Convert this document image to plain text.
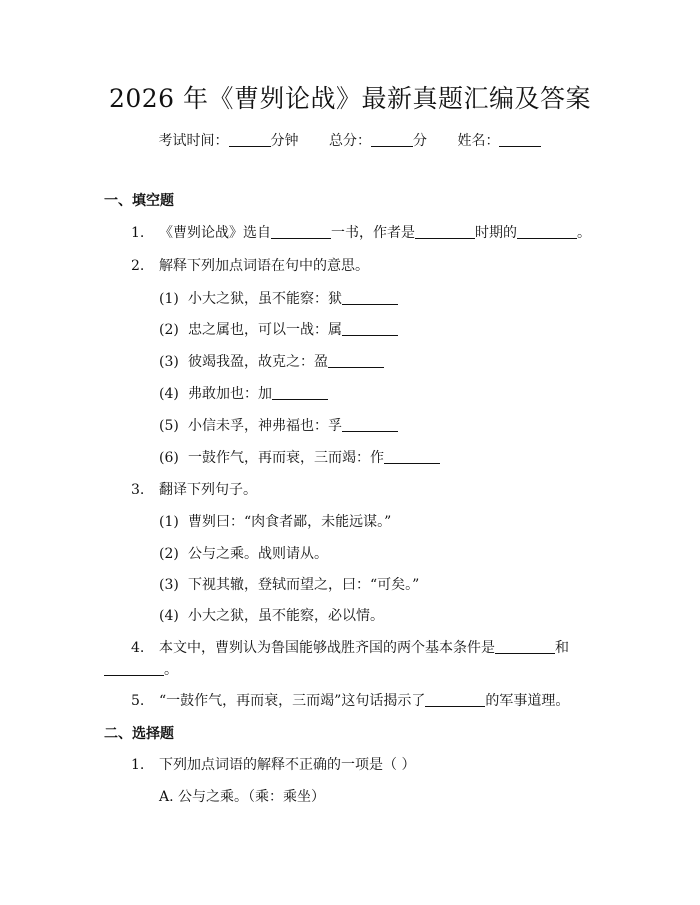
2026 年《曹刿论战》最新真题汇编及答案
考试时间：	分钟 总分：	分 姓名：
一、填空题
1. 《曹刿论战》选自	一书，作者是	时期的	。
2. 解释下列加点词语在句中的意思。
(1) 小大之狱，虽不能察：狱
(2) 忠之属也，可以一战：属
(3) 彼竭我盈，故克之：盈
(4) 弗敢加也：加
(5) 小信未孚，神弗福也：孚
(6) 一鼓作气，再而衰，三而竭：作
3. 翻译下列句子。
(1) 曹刿曰：“肉食者鄙，未能远谋。”
(2) 公与之乘。战则请从。
(3) 下视其辙，登轼而望之，曰：“可矣。”
(4) 小大之狱，虽不能察，必以情。
4. 本文中，曹刿认为鲁国能够战胜齐国的两个基本条件是	和
。
5. “一鼓作气，再而衰，三而竭”这句话揭示了	的军事道理。
二、选择题
1. 下列加点词语的解释不正确的一项是（ ）
A. 公与之乘。（乘：乘坐）
